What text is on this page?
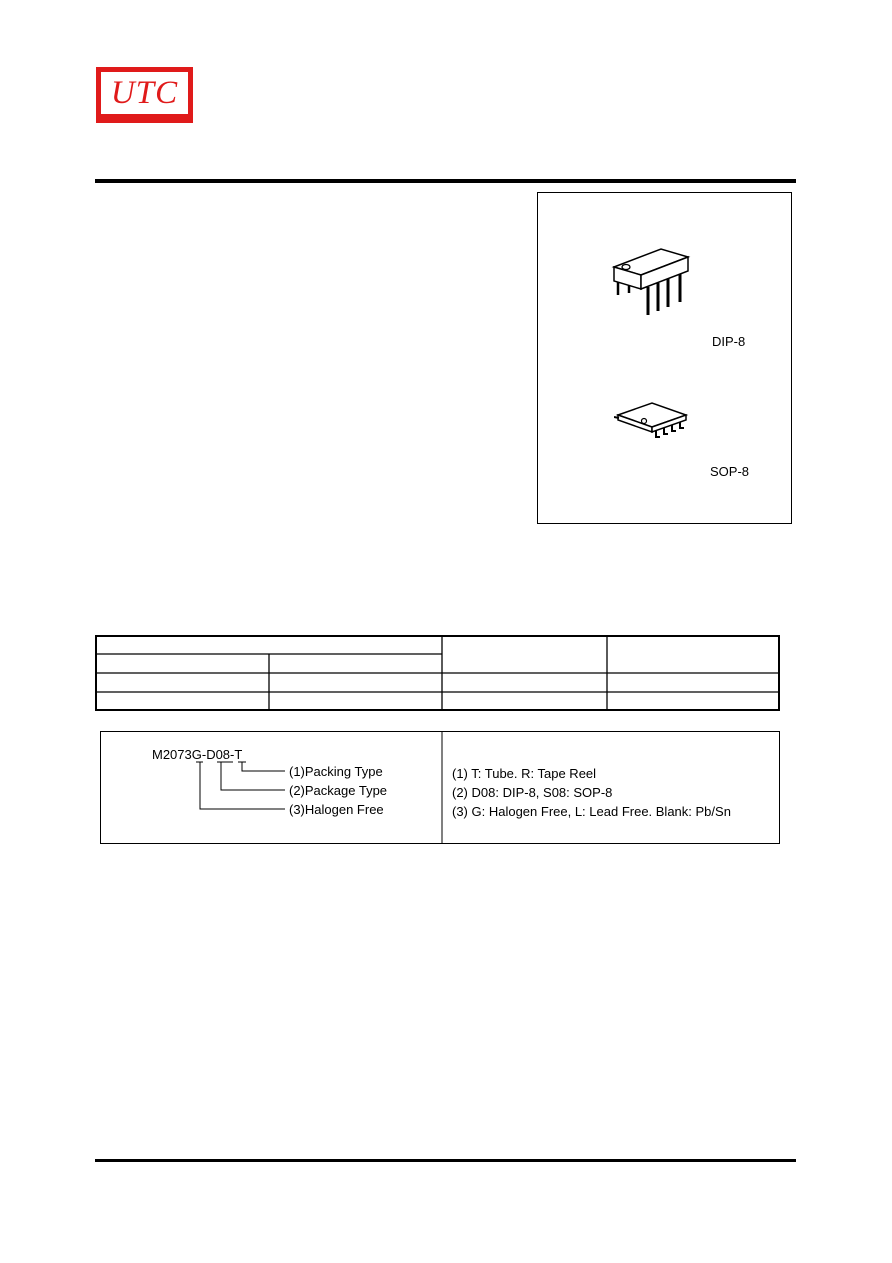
UTC
DIP-8
SOP-8
M2073G-D08-T
(1)Packing Type
(2)Package Type
(3)Halogen Free
(1) T: Tube. R: Tape Reel
(2) D08: DIP-8, S08: SOP-8
(3) G: Halogen Free, L: Lead Free. Blank: Pb/Sn
